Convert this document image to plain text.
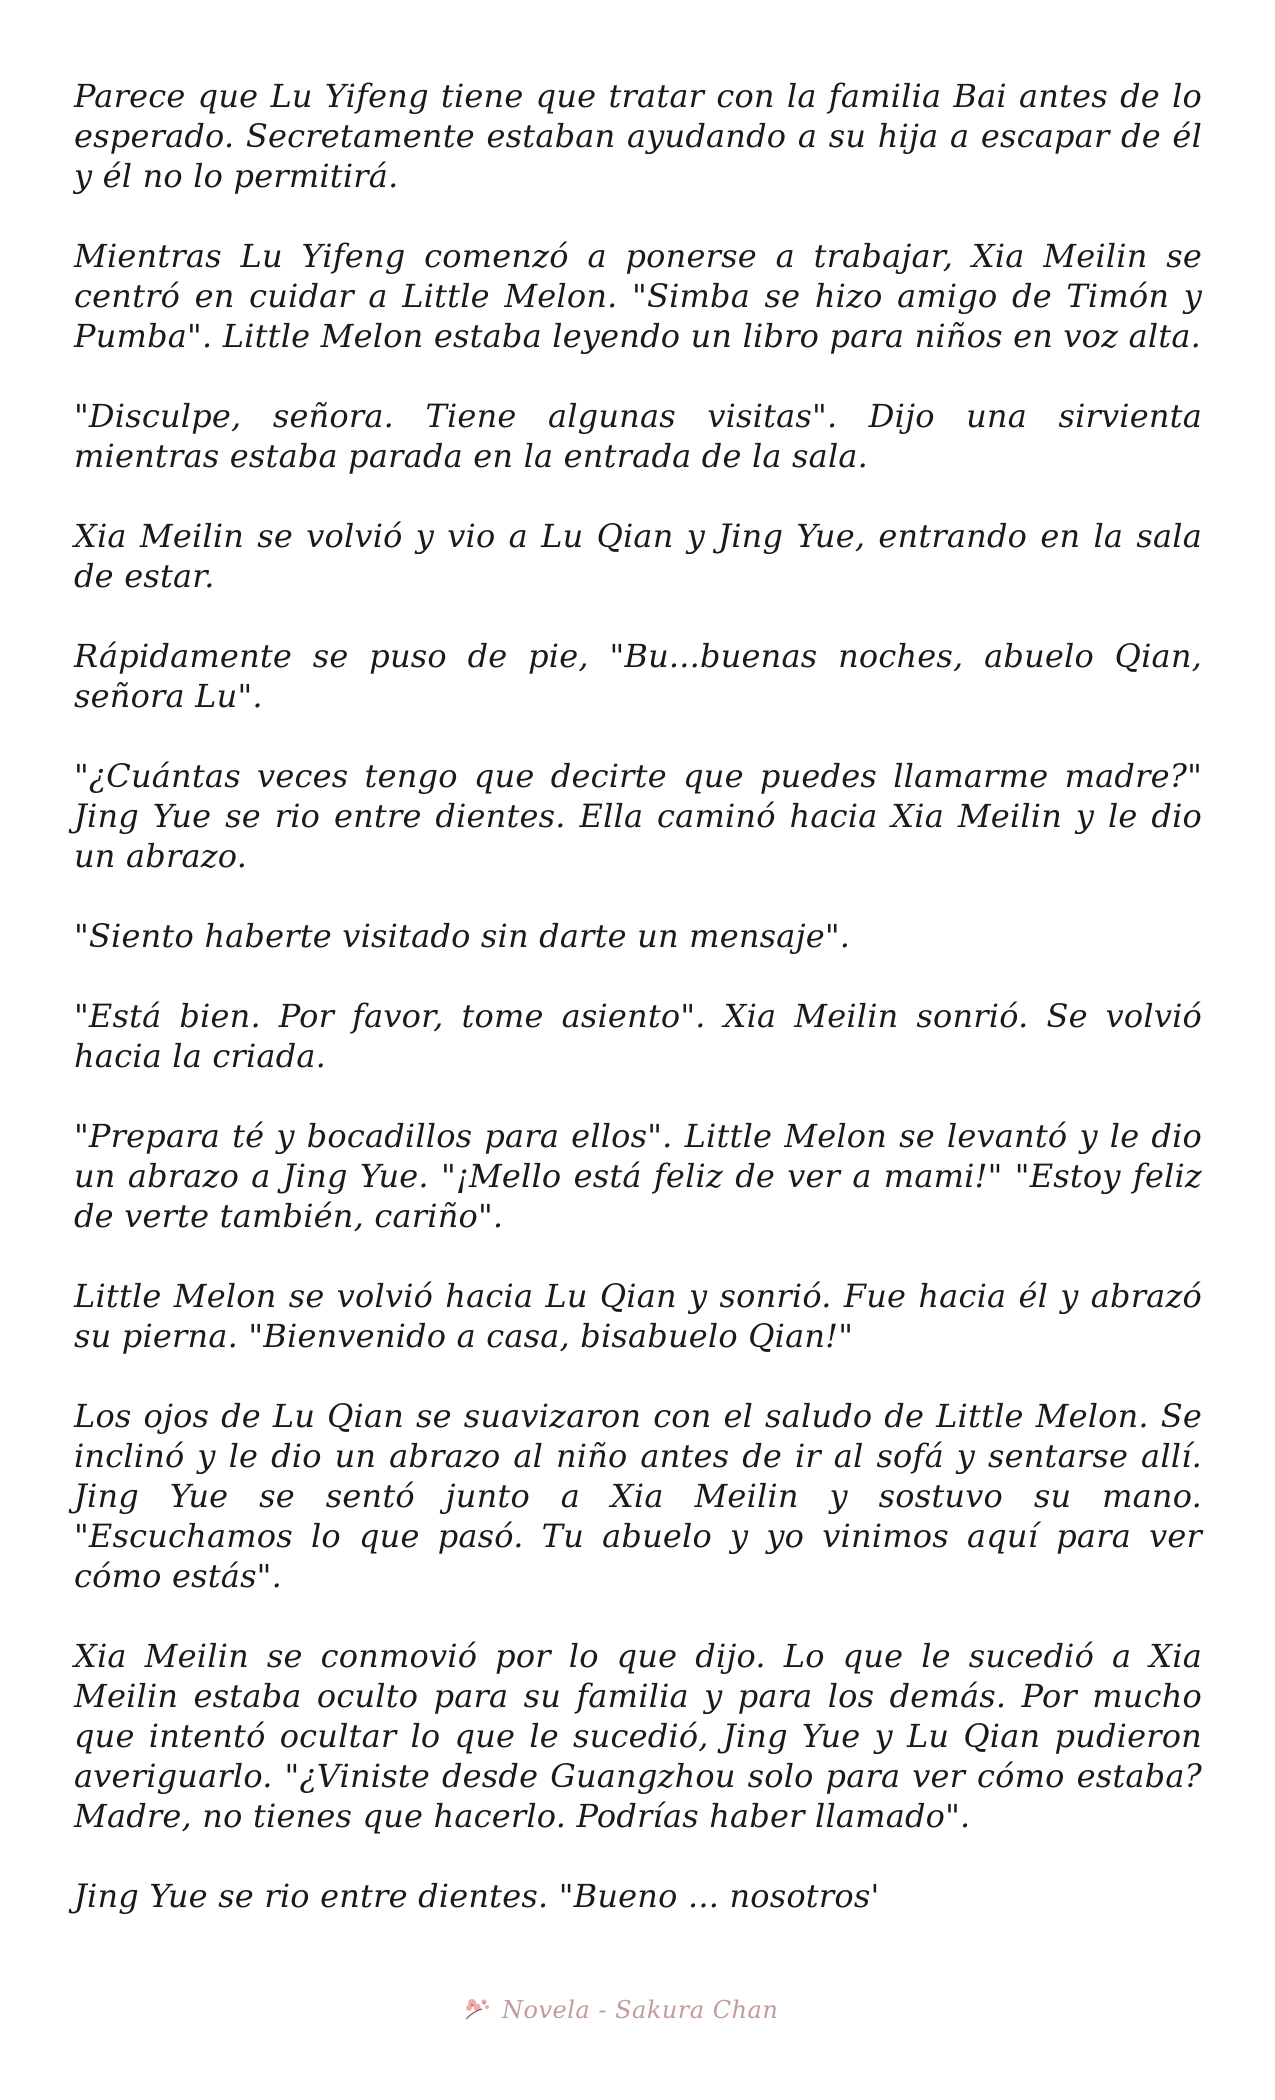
Parece que Lu Yifeng tiene que tratar con la familia Bai antes de lo esperado. Secretamente estaban ayudando a su hija a escapar de él y él no lo permitirá.

Mientras Lu Yifeng comenzó a ponerse a trabajar, Xia Meilin se centró en cuidar a Little Melon. "Simba se hizo amigo de Timón y Pumba". Little Melon estaba leyendo un libro para niños en voz alta.

"Disculpe, señora. Tiene algunas visitas". Dijo una sirvienta mientras estaba parada en la entrada de la sala.

Xia Meilin se volvió y vio a Lu Qian y Jing Yue, entrando en la sala de estar.

Rápidamente se puso de pie, "Bu...buenas noches, abuelo Qian, señora Lu".

"¿Cuántas veces tengo que decirte que puedes llamarme madre?" Jing Yue se rio entre dientes. Ella caminó hacia Xia Meilin y le dio un abrazo.

"Siento haberte visitado sin darte un mensaje".

"Está bien. Por favor, tome asiento". Xia Meilin sonrió. Se volvió hacia la criada.

"Prepara té y bocadillos para ellos". Little Melon se levantó y le dio un abrazo a Jing Yue. "¡Mello está feliz de ver a mami!" "Estoy feliz de verte también, cariño".

Little Melon se volvió hacia Lu Qian y sonrió. Fue hacia él y abrazó su pierna. "Bienvenido a casa, bisabuelo Qian!"

Los ojos de Lu Qian se suavizaron con el saludo de Little Melon. Se inclinó y le dio un abrazo al niño antes de ir al sofá y sentarse allí. Jing Yue se sentó junto a Xia Meilin y sostuvo su mano. "Escuchamos lo que pasó. Tu abuelo y yo vinimos aquí para ver cómo estás".

Xia Meilin se conmovió por lo que dijo. Lo que le sucedió a Xia Meilin estaba oculto para su familia y para los demás. Por mucho que intentó ocultar lo que le sucedió, Jing Yue y Lu Qian pudieron averiguarlo. "¿Viniste desde Guangzhou solo para ver cómo estaba? Madre, no tienes que hacerlo. Podrías haber llamado".

Jing Yue se rio entre dientes. "Bueno ... nosotros'

Novela - Sakura Chan
